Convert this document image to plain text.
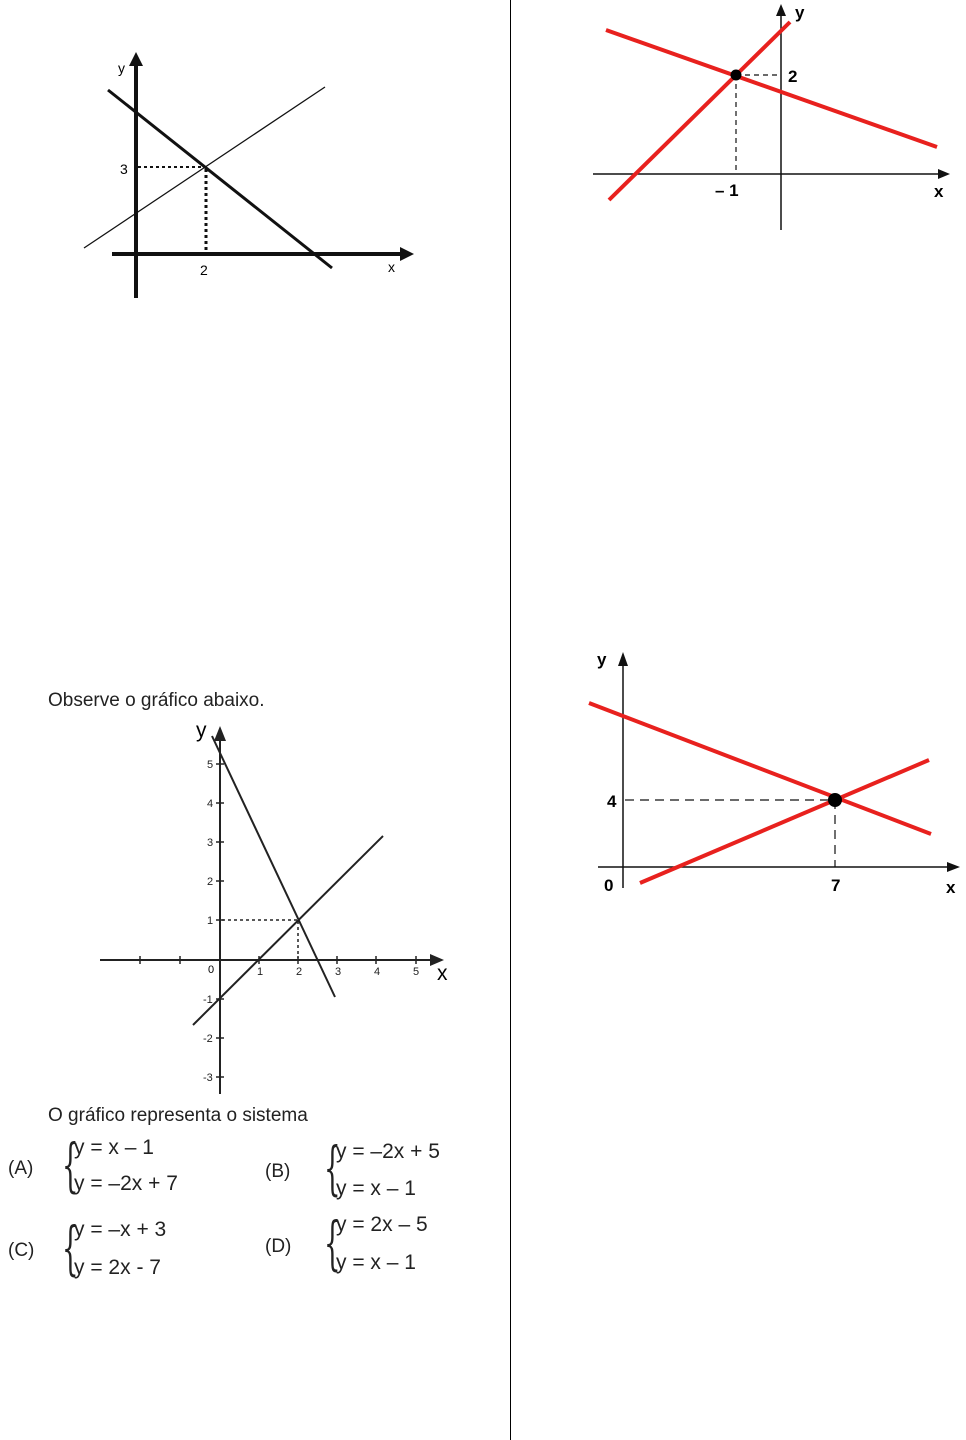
y
x
3
2
y
x
2
– 1
Observe o gráfico abaixo.
y
x
0	1	2	3	4	5
1
2
3
4
5
-1
-2
-3
O gráfico representa o sistema
(A) {
y = x – 1
y = –2x + 7
(B) {
y = –2x + 5
y = x – 1
(C) {
y = –x + 3
y = 2x - 7
(D) {
y = 2x – 5
y = x – 1
y
x
0
4
7
